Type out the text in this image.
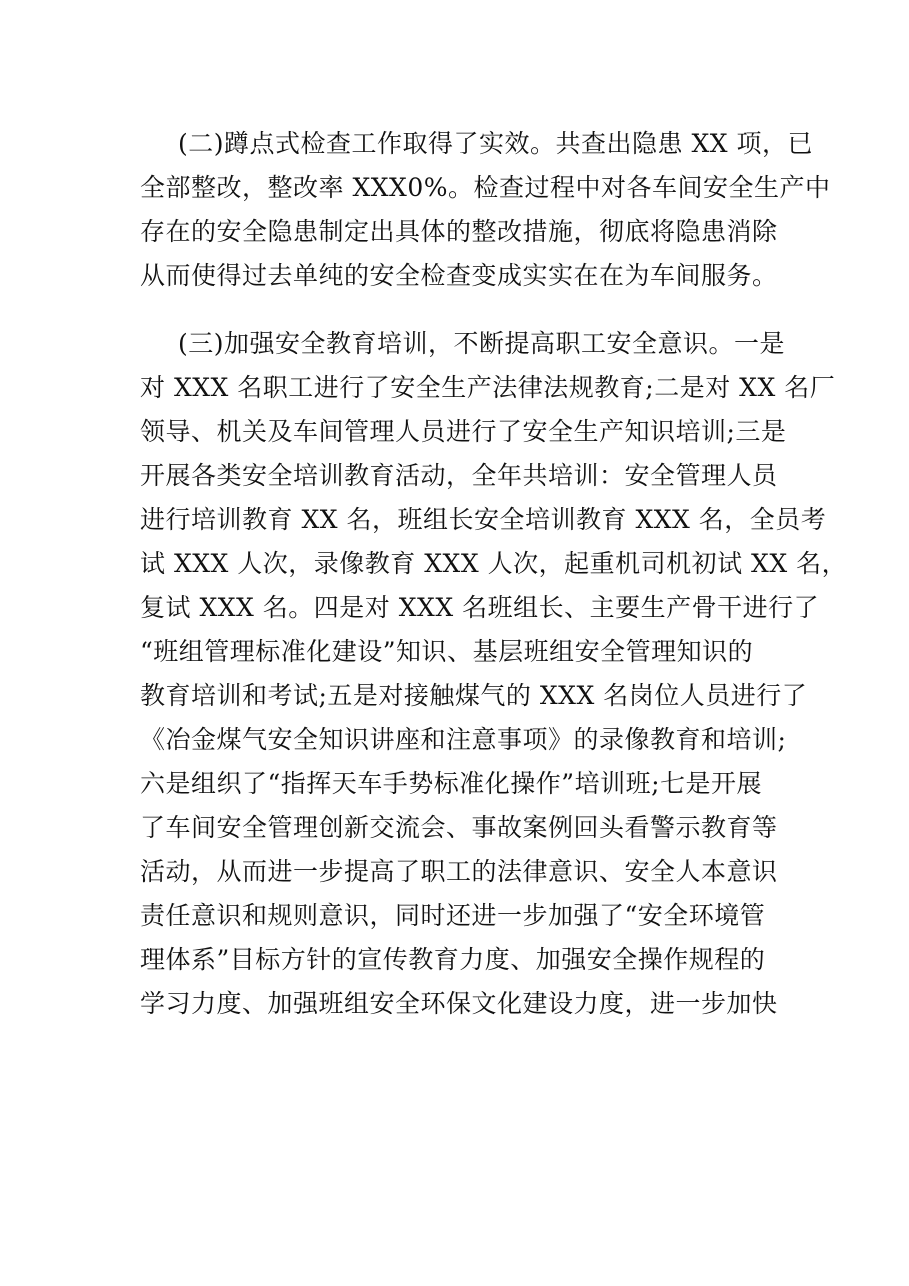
(二)蹲点式检查工作取得了实效。共查出隐患 XX 项，已
全部整改，整改率 XXX0%。检查过程中对各车间安全生产中
存在的安全隐患制定出具体的整改措施，彻底将隐患消除
从而使得过去单纯的安全检查变成实实在在为车间服务。
(三)加强安全教育培训，不断提高职工安全意识。一是
对 XXX 名职工进行了安全生产法律法规教育;二是对 XX 名厂
领导、机关及车间管理人员进行了安全生产知识培训;三是
开展各类安全培训教育活动，全年共培训：安全管理人员
进行培训教育 XX 名，班组长安全培训教育 XXX 名，全员考
试 XXX 人次，录像教育 XXX 人次，起重机司机初试 XX 名，
复试 XXX 名。四是对 XXX 名班组长、主要生产骨干进行了
“班组管理标准化建设”知识、基层班组安全管理知识的
教育培训和考试;五是对接触煤气的 XXX 名岗位人员进行了
《冶金煤气安全知识讲座和注意事项》的录像教育和培训;
六是组织了“指挥天车手势标准化操作”培训班;七是开展
了车间安全管理创新交流会、事故案例回头看警示教育等
活动，从而进一步提高了职工的法律意识、安全人本意识
责任意识和规则意识，同时还进一步加强了“安全环境管
理体系”目标方针的宣传教育力度、加强安全操作规程的
学习力度、加强班组安全环保文化建设力度，进一步加快
